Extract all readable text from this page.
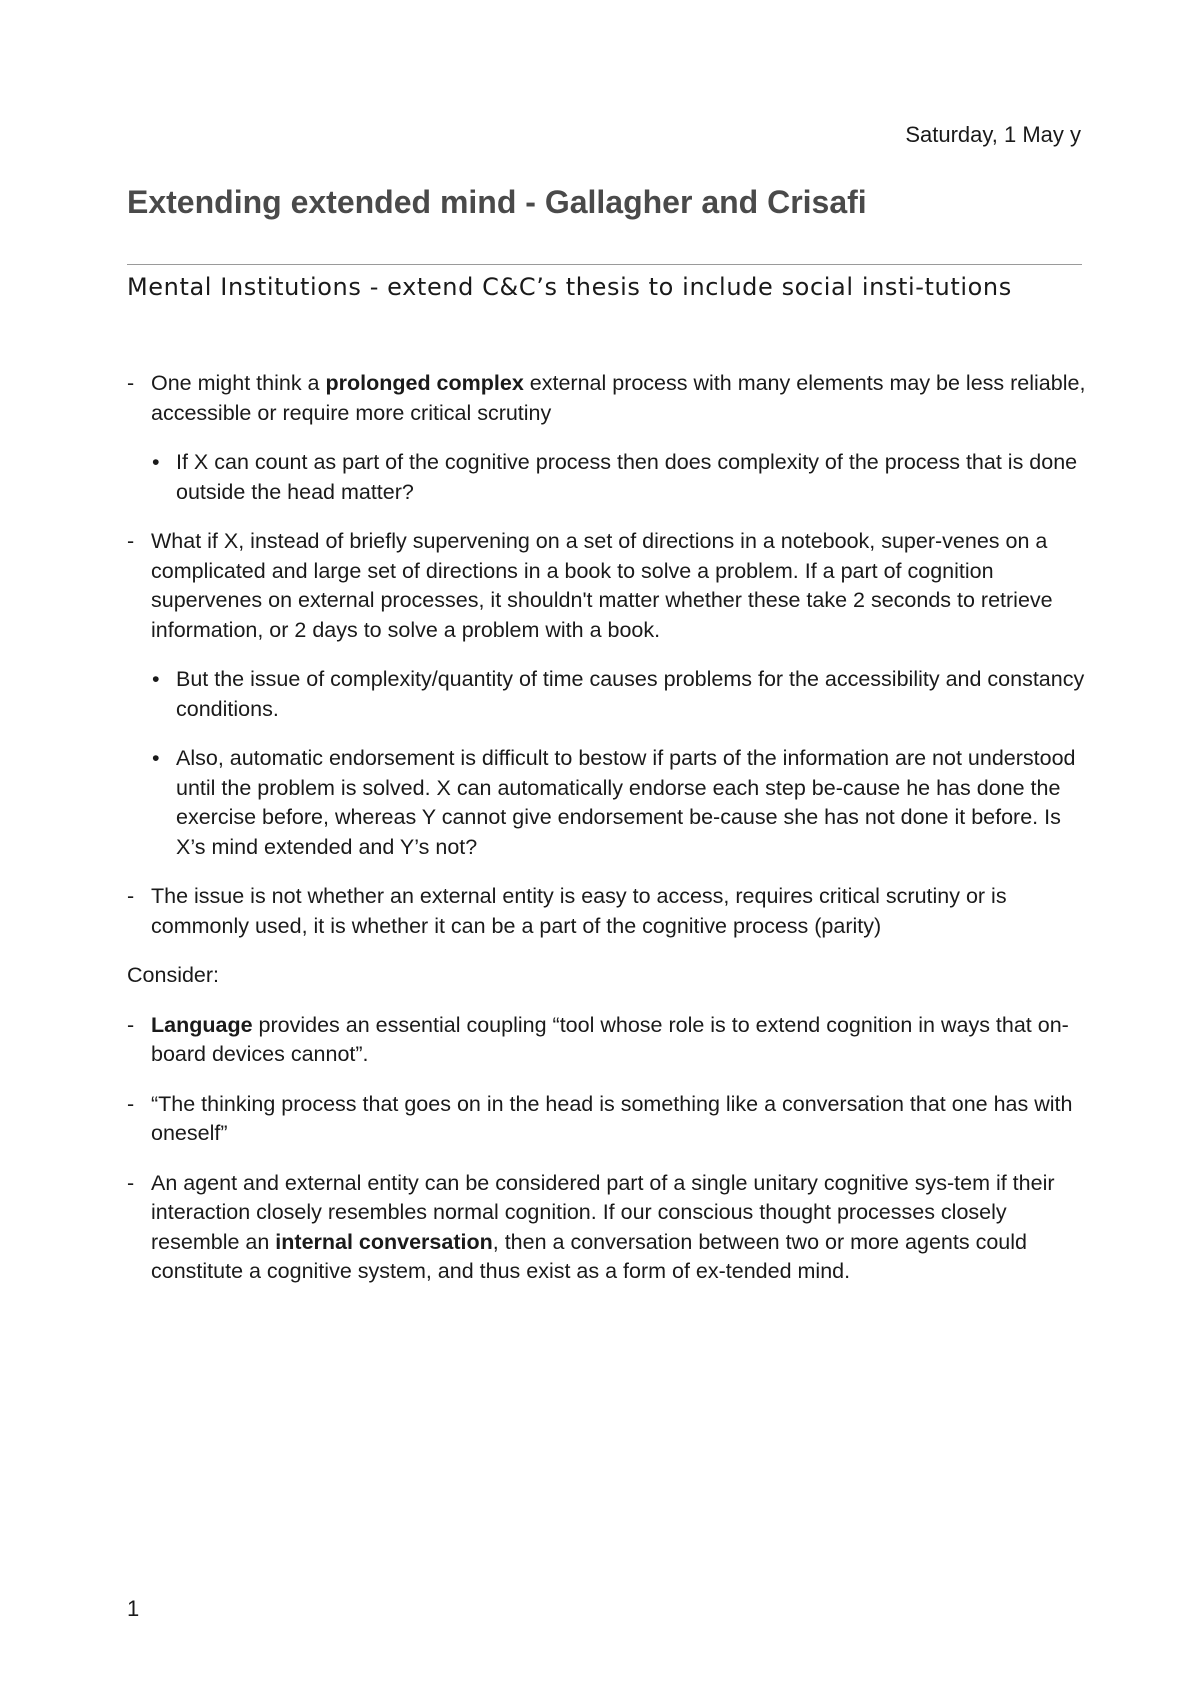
Saturday, 1 May y
Extending extended mind - Gallagher and Crisafi
Mental Institutions - extend C&C’s thesis to include social insti-tutions

- One might think a prolonged complex external process with many elements may be less reliable, accessible or require more critical scrutiny

• If X can count as part of the cognitive process then does complexity of the process that is done outside the head matter?

- What if X, instead of briefly supervening on a set of directions in a notebook, super-venes on a complicated and large set of directions in a book to solve a problem. If a part of cognition supervenes on external processes, it shouldn't matter whether these take 2 seconds to retrieve information, or 2 days to solve a problem with a book.

• But the issue of complexity/quantity of time causes problems for the accessibility and constancy conditions.

• Also, automatic endorsement is difficult to bestow if parts of the information are not understood until the problem is solved. X can automatically endorse each step be-cause he has done the exercise before, whereas Y cannot give endorsement be-cause she has not done it before. Is X’s mind extended and Y’s not?

- The issue is not whether an external entity is easy to access, requires critical scrutiny or is commonly used, it is whether it can be a part of the cognitive process (parity)

Consider:

- Language provides an essential coupling “tool whose role is to extend cognition in ways that on-board devices cannot”.

- “The thinking process that goes on in the head is something like a conversation that one has with oneself”

- An agent and external entity can be considered part of a single unitary cognitive sys-tem if their interaction closely resembles normal cognition. If our conscious thought processes closely resemble an internal conversation, then a conversation between two or more agents could constitute a cognitive system, and thus exist as a form of ex-tended mind.

1
